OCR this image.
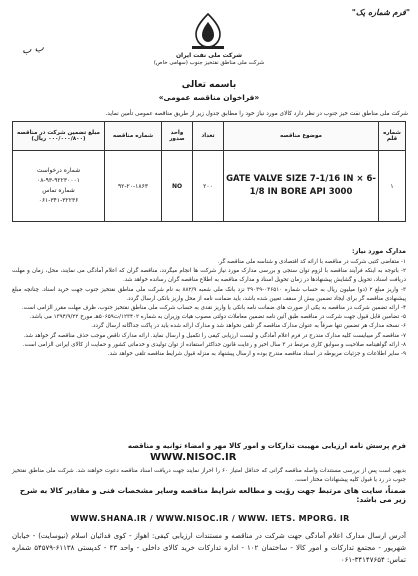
"فرم شماره یک"
ب ب	شرکت ملی نفت ایران
شرکت ملی مناطق نفتخیز جنوب (سهامی خاص)
باسمه تعالی
«فراخوان مناقصه عمومی»
شرکت ملی مناطق نفت خیز جنوب در نظر دارد کالای مورد نیاز خود را مطابق جدول زیر از طریق مناقصه عمومی تأمین نماید.
شماره قلم	موضوع مناقصه	تعداد	واحد صدور	شماره مناقصه	مبلغ تضمین شرکت در مناقصه (۰۰۰/۰۰۰/۸۰۰ ریال)
۱	GATE VALVE SIZE 7-1/16 IN × 6-1/8 IN BORE API 3000	۲۰۰	NO	۹۲-۲۰-۱۸۶۳	شماره درخواست
۰۸-۹۳-۹۲۲۳۰۰۰۱
شماره تماس
۰۶۱-۳۴۱-۳۲۲۳۶
مدارک مورد نیاز:
۱- متقاضی کتبی شرکت در مناقصه با ارائه کد اقتصادی و شناسه ملی مناقصه گر.
۲- باتوجه به اینکه فرآیند مناقصه با لزوم توان سنجی و بررسی مدارک مورد نیاز شرکت ها انجام میگردد، مناقصه گران که اعلام آمادگی می نمایند، محل، زمان و مهلت دریافت اسناد، تحویل و گشایش پیشنهادها در زمان تحویل اسناد و مدارک مناقصه به اطلاع مناقصه گران رسانده خواهد شد.
۳- واریز مبلغ ۲ (دو) میلیون ریال به حساب شماره ۰۳۶۵۱۰-۳۹۰۳۹ نزد بانک ملی شعبه ۸۸۲/۹ به نام شرکت ملی مناطق نفتخیز جنوب جهت خرید اسناد. چنانچه مبلغ پیشنهادی مناقصه گر برای ایجاد تضمین بیش از سقف تعیین شده باشد، باید ضمانت نامه از محل واریز بانکی ارسال گردد.
۴- ارائه تضمین شرکت در مناقصه به یکی از صورت های ضمانت نامه بانکی یا واریز نقدی به حساب شرکت ملی مناطق نفتخیز جنوب، ظرف مهلت مقرر الزامی است.
۵- تضامین قابل قبول جهت شرکت در مناقصه طبق آئین نامه تضمین معاملات دولتی مصوب هیات وزیران به شماره ۱۲۳۴۰۲/ت۵۰۶۵۹هـ مورخ ۱۳۹۴/۹/۲۲ می باشد.
۶- نسخه مدارک هر تضمین تنها صرفاً به عنوان مدارک مناقصه گر تلقی نخواهد شد و مدارک ارائه شده باید در پاکت جداگانه ارسال گردد.
۷- مناقصه گر میبایست کلیه مدارک مندرج در فرم اعلام آمادگی و لیست ارزیابی کیفی را تکمیل و ارسال نماید. ارائه مدارک ناقص موجب حذف مناقصه گر خواهد شد.
۸- ارائه گواهینامه صلاحیت و سوابق کاری مرتبط در ۳ سال اخیر و رعایت قانون حداکثر استفاده از توان تولیدی و خدماتی کشور و حمایت از کالای ایرانی الزامی است.
۹- سایر اطلاعات و جزئیات مربوطه در اسناد مناقصه مندرج بوده و ارسال پیشنهاد به منزله قبول شرایط مناقصه تلقی خواهد شد.
فرم پرسش نامه ارزیابی مهیبت تداركات و امور كالا مهر و امضاء توانیه و مناقصه
WWW.NISOC.IR
بدیهی است پس از بررسی مستندات واصله مناقصه گرانی که حداقل امتیاز ۶۰ را احراز نمایند جهت دریافت اسناد مناقصه دعوت خواهند شد. شرکت ملی مناطق نفتخیز جنوب در رد یا قبول کلیه پیشنهادات مختار است.
ضمناً، سایت های مرتبط جهت رؤیت و مطالعه شرایط مناقصه وسایر مشخصات فنی و مقادیر کالا به شرح زیر می باشد:
WWW.SHANA.IR / WWW.NISOC.IR / WWW. IETS. MPORG. IR
آدرس ارسال مدارک اعلام آمادگی جهت شرکت در مناقصه و مستندات ارزیابی کیفی: اهواز - کوی فدائیان اسلام (نیوسایت) - خیابان شهریور - مجتمع تدارکات و امور کالا - ساختمان ۱۰۲ - اداره تدارکات خرید کالای داخلی - واحد ۴۳ - کدپستی ۶۱۱۳۸-۵۴۵۷۹ شماره تماس: ۳۴۱۴۷۶۵۴-۰۶۱
